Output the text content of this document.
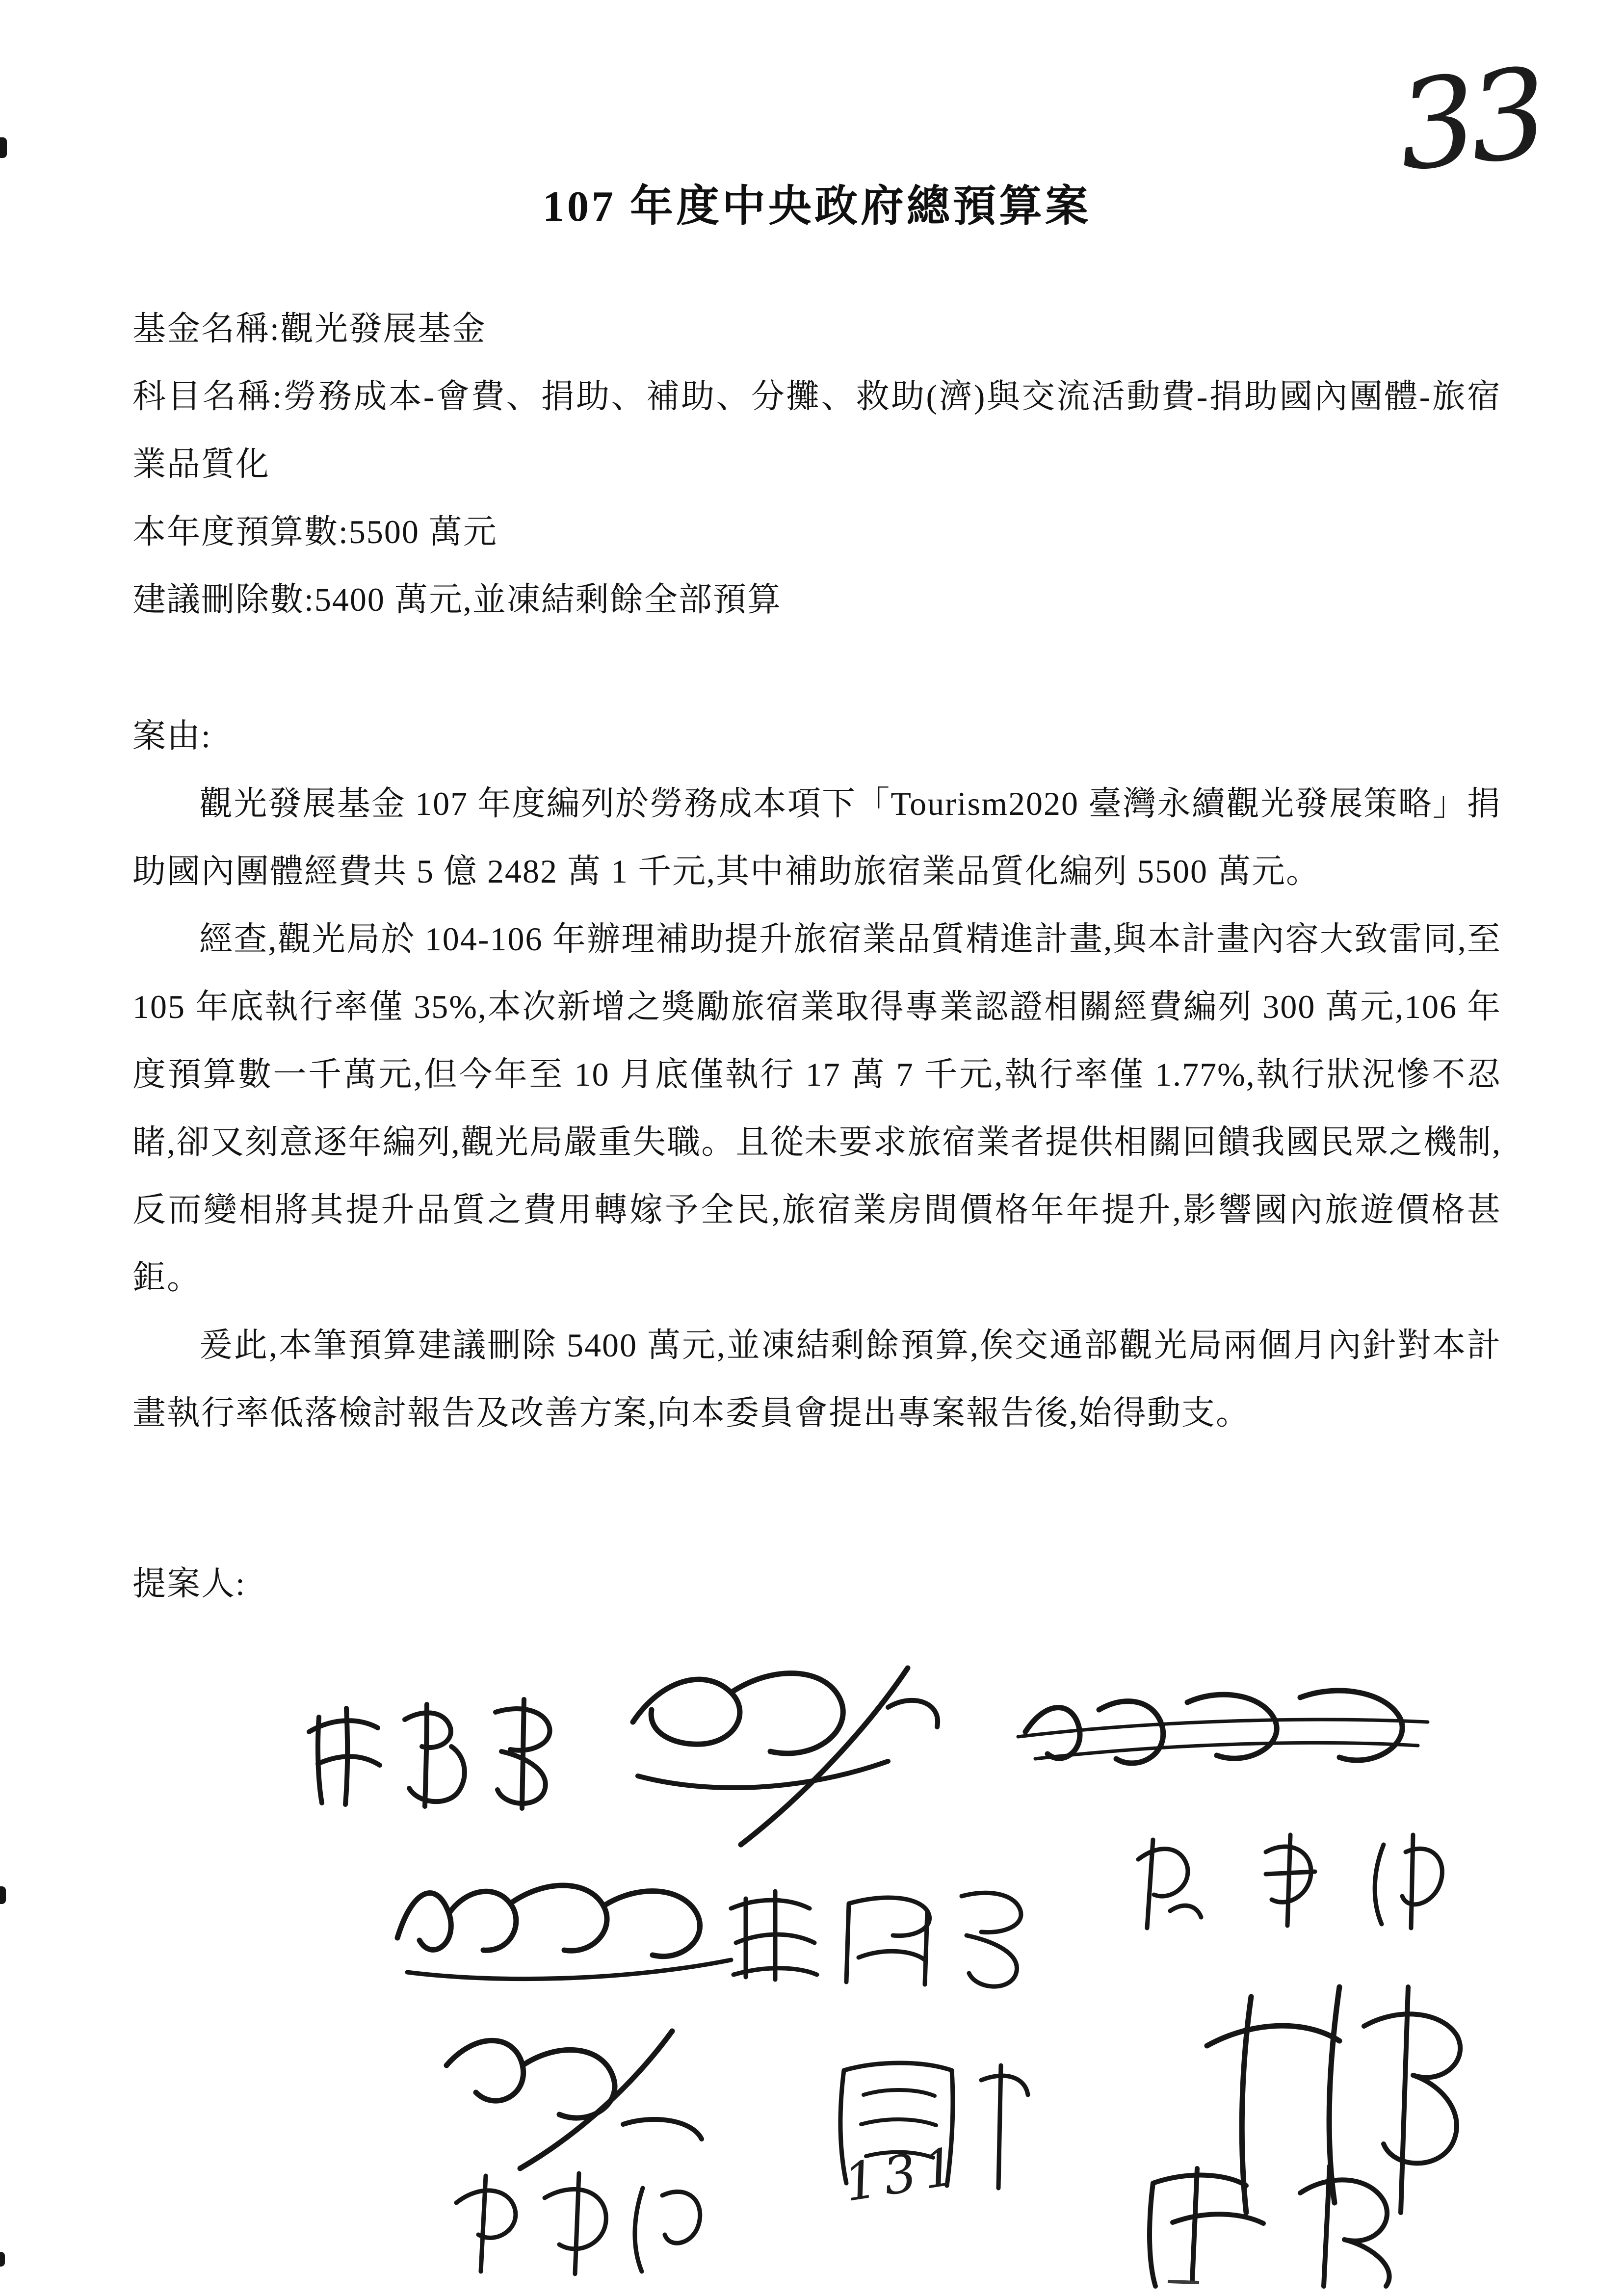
33
107 年度中央政府總預算案

基金名稱:觀光發展基金

科目名稱:勞務成本-會費、捐助、補助、分攤、救助(濟)與交流活動費-捐助國內團體-旅宿業品質化

本年度預算數:5500 萬元

建議刪除數:5400 萬元,並凍結剩餘全部預算

案由:

觀光發展基金 107 年度編列於勞務成本項下「Tourism2020 臺灣永續觀光發展策略」捐助國內團體經費共 5 億 2482 萬 1 千元,其中補助旅宿業品質化編列 5500 萬元。

經查,觀光局於 104-106 年辦理補助提升旅宿業品質精進計畫,與本計畫內容大致雷同,至 105 年底執行率僅 35%,本次新增之獎勵旅宿業取得專業認證相關經費編列 300 萬元,106 年度預算數一千萬元,但今年至 10 月底僅執行 17 萬 7 千元,執行率僅 1.77%,執行狀況慘不忍睹,卻又刻意逐年編列,觀光局嚴重失職。且從未要求旅宿業者提供相關回饋我國民眾之機制,反而變相將其提升品質之費用轉嫁予全民,旅宿業房間價格年年提升,影響國內旅遊價格甚鉅。

爰此,本筆預算建議刪除 5400 萬元,並凍結剩餘預算,俟交通部觀光局兩個月內針對本計畫執行率低落檢討報告及改善方案,向本委員會提出專案報告後,始得動支。

提案人:

131
